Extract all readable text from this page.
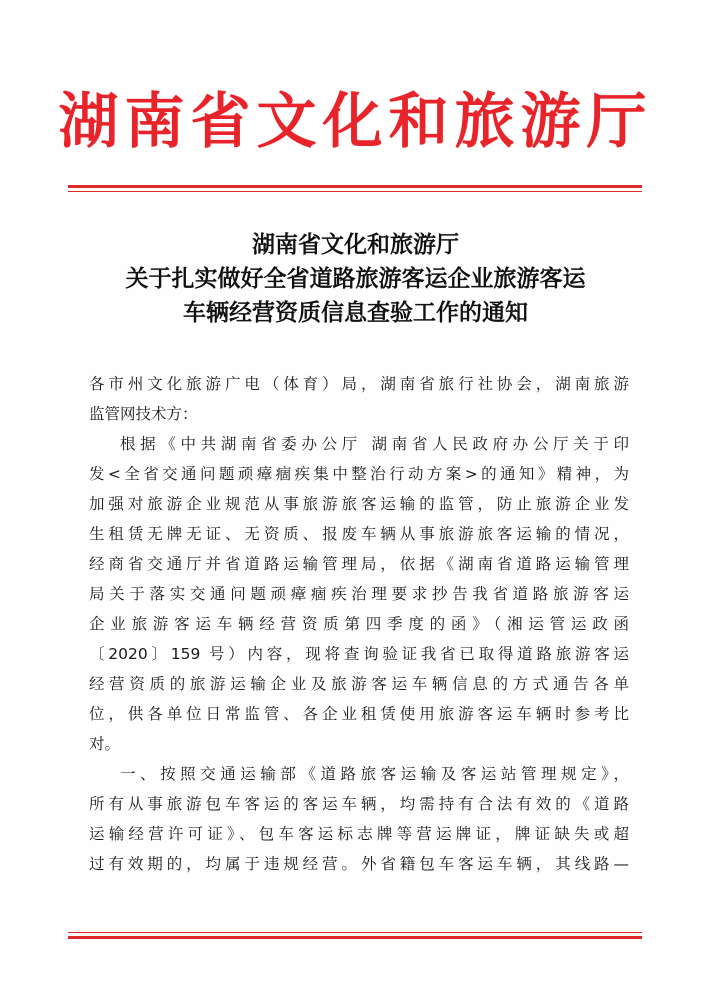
湖南省文化和旅游厅
湖南省文化和旅游厅
关于扎实做好全省道路旅游客运企业旅游客运
车辆经营资质信息查验工作的通知
各市州文化旅游广电（体育）局，湖南省旅行社协会，湖南旅游
监管网技术方：
根据《中共湖南省委办公厅 湖南省人民政府办公厅关于印
发<全省交通问题顽瘴痼疾集中整治行动方案>的通知》精神，为
加强对旅游企业规范从事旅游旅客运输的监管，防止旅游企业发
生租赁无牌无证、无资质、报废车辆从事旅游旅客运输的情况，
经商省交通厅并省道路运输管理局，依据《湖南省道路运输管理
局关于落实交通问题顽瘴痼疾治理要求抄告我省道路旅游客运
企业旅游客运车辆经营资质第四季度的函》（湘运管运政函
〔2020〕159 号）内容，现将查询验证我省已取得道路旅游客运
经营资质的旅游运输企业及旅游客运车辆信息的方式通告各单
位，供各单位日常监管、各企业租赁使用旅游客运车辆时参考比
对。
一、按照交通运输部《道路旅客运输及客运站管理规定》，
所有从事旅游包车客运的客运车辆，均需持有合法有效的《道路
运输经营许可证》、包车客运标志牌等营运牌证，牌证缺失或超
过有效期的，均属于违规经营。外省籍包车客运车辆，其线路—
